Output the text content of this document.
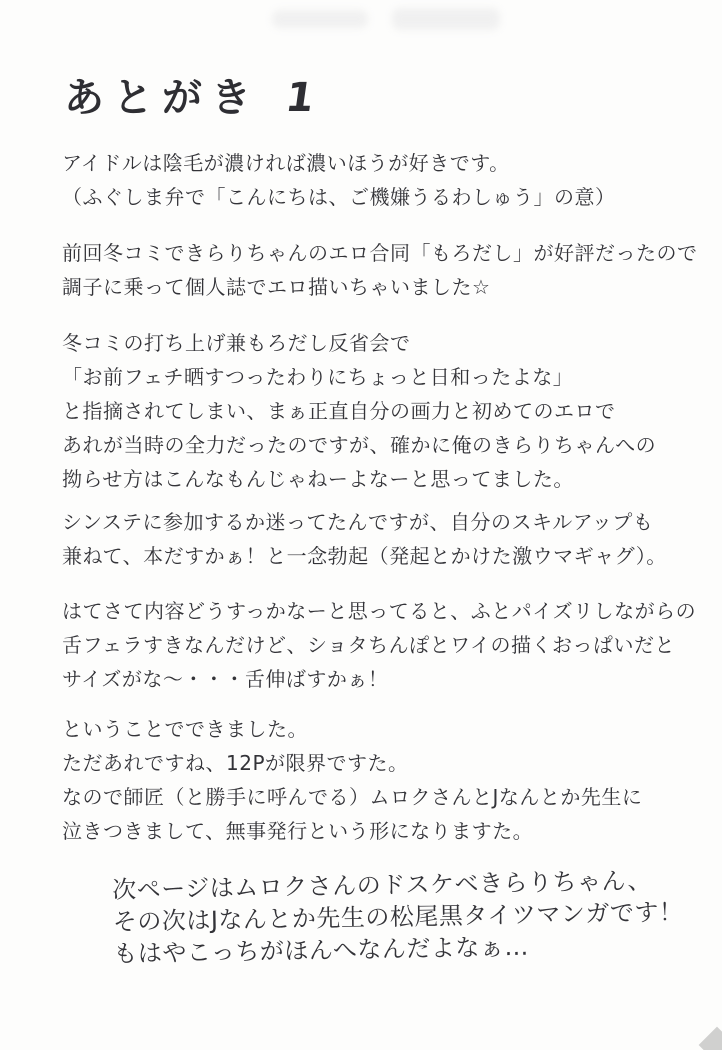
あとがき 1
アイドルは陰毛が濃ければ濃いほうが好きです。
（ふぐしま弁で「こんにちは、ご機嫌うるわしゅう」の意）
前回冬コミできらりちゃんのエロ合同「もろだし」が好評だったので
調子に乗って個人誌でエロ描いちゃいました☆
冬コミの打ち上げ兼もろだし反省会で
「お前フェチ晒すつったわりにちょっと日和ったよな」
と指摘されてしまい、まぁ正直自分の画力と初めてのエロで
あれが当時の全力だったのですが、確かに俺のきらりちゃんへの
拗らせ方はこんなもんじゃねーよなーと思ってました。
シンステに参加するか迷ってたんですが、自分のスキルアップも
兼ねて、本だすかぁ！と一念勃起（発起とかけた激ウマギャグ）。
はてさて内容どうすっかなーと思ってると、ふとパイズリしながらの
舌フェラすきなんだけど、ショタちんぽとワイの描くおっぱいだと
サイズがな〜・・・舌伸ばすかぁ！
ということでできました。
ただあれですね、12Pが限界ですた。
なので師匠（と勝手に呼んでる）ムロクさんとJなんとか先生に
泣きつきまして、無事発行という形になりますた。
次ページはムロクさんのドスケベきらりちゃん、
その次はJなんとか先生の松尾黒タイツマンガです！
もはやこっちがほんへなんだよなぁ…
